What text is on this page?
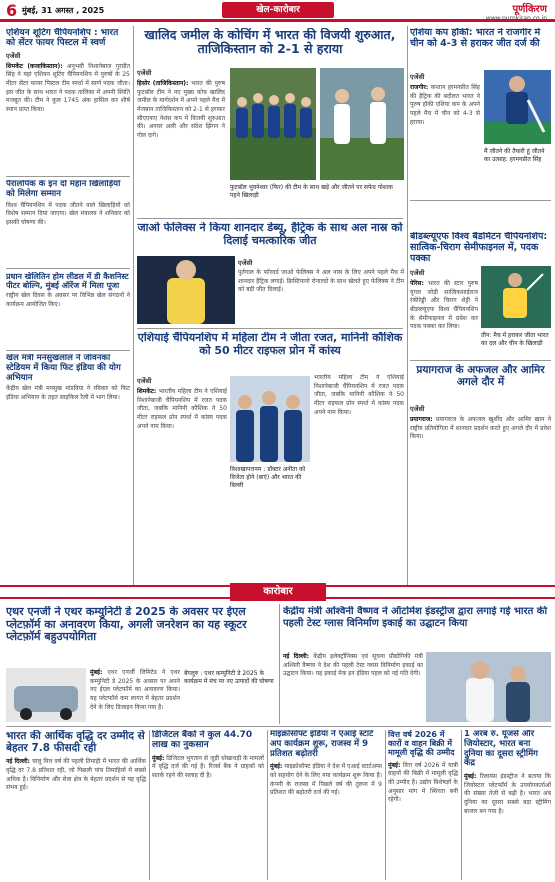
6 मुंबई, 31 अगस्त , 2025	खेल-कारोबार	पूर्णकिरण
www.purnkiran.co.in
एशियन शूटिंग चैंपियनशिप : भारत को सेंटर फायर पिस्टल में स्वर्ण
एजेंसी
शिमकेंट (कजाकिस्तान): अनुभवी निशानेबाज गुरप्रीत सिंह ने यहां एशियन शूटिंग चैंपियनशिप में पुरुषों के 25 मीटर सेंटर फायर पिस्टल टीम स्पर्धा में स्वर्ण पदक जीता। इस जीत के साथ भारत ने पदक तालिका में अपनी स्थिति मजबूत की। टीम ने कुल 1745 अंक हासिल कर शीर्ष स्थान प्राप्त किया।
पैरालंपिक के इन दो महान खिलाड़ियों को मिलेगा सम्मान
विश्व चैंपियनशिप में पदक जीतने वाले खिलाड़ियों को विशेष सम्मान दिया जाएगा। खेल मंत्रालय ने शनिवार को इसकी घोषणा की।
प्रधान खेलितिन होम लीडल में डी कैशनिस्ट पीटर बोल्नि, मुंबई ऑरेंज में मिला पूजा
राष्ट्रीय खेल दिवस के अवसर पर विभिन्न खेल संगठनों ने कार्यक्रम आयोजित किए।
खेल मंत्री मनसुखलाल ने जीवनका स्टेडियम में किया फिट इंडिया की योग अभियान
केंद्रीय खेल मंत्री मनसुख मांडविया ने रविवार को फिट इंडिया अभियान के तहत साइकिल रैली में भाग लिया।
खालिद जमील के कोचिंग में भारत की विजयी शुरुआत, ताजिकिस्तान को 2-1 से हराया
एजेंसी
हिसोर (ताजिकिस्तान): भारत की पुरुष फुटबॉल टीम ने नए मुख्य कोच खालिद जमील के मार्गदर्शन में अपने पहले मैच में मेजबान ताजिकिस्तान को 2-1 से हराकर सीएएफए नेशंस कप में विजयी शुरुआत की। अनवर अली और संदेश झिंगन ने गोल दागे।
फुटबॉल भुवनेश्वर (फिर) की टीम के साथ खड़े और जीतने पर सफेद पोशाक पहने खिलाड़ी
जाओ फेलिक्स ने किया शानदार डेब्यू, हैट्रिक के साथ अल नास्र को दिलाई चमत्कारिक जीत
एजेंसी
पुर्तगाल के फॉरवर्ड जाओ फेलिक्स ने अल नास्र के लिए अपने पहले मैच में शानदार हैट्रिक लगाई। क्रिस्टियानो रोनाल्डो के साथ खेलते हुए फेलिक्स ने टीम को बड़ी जीत दिलाई।
एशिया कप हॉकी: भारत ने राजगीर में चीन को 4-3 से हराकर जीत दर्ज की
एजेंसी
राजगीर: कप्तान हरमनप्रीत सिंह की हैट्रिक की बदौलत भारत ने पुरुष हॉकी एशिया कप के अपने पहले मैच में चीन को 4-3 से हराया।
मैं जीतने की तैयारी हूं जीतने का उत्साह: हरमनप्रीत सिंह
बीडब्ल्यूएफ विश्व बैडमिंटन चैंपियनशिप: सात्विक-चिराग सेमीफाइनल में, पदक पक्का
एजेंसी
पेरिस: भारत की स्टार पुरुष युगल जोड़ी सात्विकसाईराज रंकीरेड्डी और चिराग शेट्टी ने बीडब्ल्यूएफ विश्व चैंपियनशिप के सेमीफाइनल में प्रवेश कर पदक पक्का कर लिया।
तीन: मैच में हराकर जीता भारत का दल और चीन के खिलाड़ी
एशियाई चैंपियनशिप में महिला टीम ने जीता रजत, मानिनी कौशिक को 50 मीटर राइफल प्रोन में कांस्य
एजेंसी
शिमकेंट: भारतीय महिला टीम ने एशियाई निशानेबाजी चैंपियनशिप में रजत पदक जीता, जबकि मानिनी कौशिक ने 50 मीटर राइफल प्रोन स्पर्धा में कांस्य पदक अपने नाम किया।
विशाखापत्तनम : डॉक्टर अनीता को विजेता होने (बाएं) और भारत की बिल्ली
भारतीय महिला टीम ने एशियाई निशानेबाजी चैंपियनशिप में रजत पदक जीता, जबकि मानिनी कौशिक ने 50 मीटर राइफल प्रोन स्पर्धा में कांस्य पदक अपने नाम किया।
प्रयागराज के अफजल और आमिर अगले दौर में
एजेंसी
प्रयागराज: प्रयागराज के अफजल खुर्शीद और आमिर खान ने राष्ट्रीय प्रतियोगिता में शानदार प्रदर्शन करते हुए अगले दौर में प्रवेश किया।
कारोबार
एथर एनर्जी ने एथर कम्युनिटी डे 2025 के अवसर पर ईएल प्लेटफ़ॉर्म का अनावरण किया, अगली जनरेशन का यह स्कूटर प्लेटफ़ॉर्म बहुउपयोगिता
मुंबई: एथर एनर्जी लिमिटेड ने एथर कम्युनिटी डे 2025 के अवसर पर अपने नए ईएल प्लेटफॉर्म का अनावरण किया। यह प्लेटफॉर्म कम लागत में बेहतर प्रदर्शन देने के लिए डिजाइन किया गया है।
बेंगलुरु : एथर कम्युनिटी डे 2025 के कार्यक्रम में मंच पर नए उत्पादों की घोषणा
केंद्रीय मंत्री अश्विनी वैष्णव ने ऑटोमेश इंडस्ट्रीज द्वारा लगाई गई भारत की पहली टेस्ट ग्लास विनिर्माण इकाई का उद्घाटन किया
नई दिल्ली: केंद्रीय इलेक्ट्रॉनिक्स एवं सूचना प्रौद्योगिकी मंत्री अश्विनी वैष्णव ने देश की पहली टेस्ट ग्लास विनिर्माण इकाई का उद्घाटन किया। यह इकाई मेक इन इंडिया पहल को नई गति देगी।
भारत की आर्थिक वृद्धि दर उम्मीद से बेहतर 7.8 फीसदी रही
नई दिल्ली: चालू वित्त वर्ष की पहली तिमाही में भारत की आर्थिक वृद्धि दर 7.8 प्रतिशत रही, जो पिछली पांच तिमाहियों में सबसे अधिक है। विनिर्माण और सेवा क्षेत्र के बेहतर प्रदर्शन से यह वृद्धि संभव हुई।
डिजिटल बैंकों ने कुल 44.70 लाख का नुकसान
मुंबई: डिजिटल भुगतान से जुड़ी धोखाधड़ी के मामलों में वृद्धि दर्ज की गई है। रिजर्व बैंक ने ग्राहकों को सतर्क रहने की सलाह दी है।
माइक्रोसॉफ्ट इंडिया ने एआई स्टार्ट अप कार्यक्रम शुरू, राजस्व में 9 प्रतिशत बढ़ोतरी
मुंबई: माइक्रोसॉफ्ट इंडिया ने देश में एआई स्टार्टअप्स को सहयोग देने के लिए नया कार्यक्रम शुरू किया है। कंपनी के राजस्व में पिछले वर्ष की तुलना में 9 प्रतिशत की बढ़ोतरी दर्ज की गई।
वित्त वर्ष 2026 में कारों व वाहन बिक्री में मामूली वृद्धि की उम्मीद
मुंबई: वित्त वर्ष 2026 में यात्री वाहनों की बिक्री में मामूली वृद्धि की उम्मीद है। उद्योग विशेषज्ञों के अनुसार मांग में स्थिरता बनी रहेगी।
1 अरब रु. यूजर्स और जियोस्टार, भारत बना दुनिया का दूसरा स्ट्रीमिंग केंद्र
मुंबई: रिलायंस इंडस्ट्रीज ने बताया कि जियोस्टार प्लेटफॉर्म के उपयोगकर्ताओं की संख्या तेजी से बढ़ी है। भारत अब दुनिया का दूसरा सबसे बड़ा स्ट्रीमिंग बाजार बन गया है।
